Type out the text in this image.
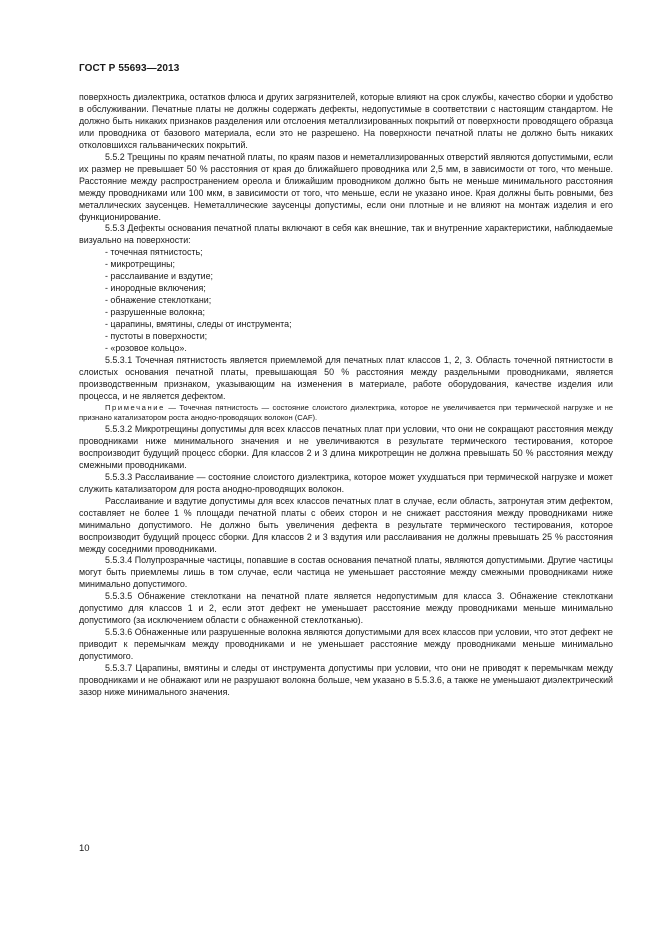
ГОСТ Р 55693—2013

поверхность диэлектрика, остатков флюса и других загрязнителей, которые влияют на срок службы, качество сборки и удобство в обслуживании. Печатные платы не должны содержать дефекты, недопустимые в соответствии с настоящим стандартом. Не должно быть никаких признаков разделения или отслоения металлизированных покрытий от поверхности проводящего образца или проводника от базового материала, если это не разрешено. На поверхности печатной платы не должно быть никаких отколовшихся гальванических покрытий.

5.5.2 Трещины по краям печатной платы, по краям пазов и неметаллизированных отверстий являются допустимыми, если их размер не превышает 50 % расстояния от края до ближайшего проводника или 2,5 мм, в зависимости от того, что меньше. Расстояние между распространением ореола и ближайшим проводником должно быть не меньше минимального расстояния между проводниками или 100 мкм, в зависимости от того, что меньше, если не указано иное. Края должны быть ровными, без металлических заусенцев. Неметаллические заусенцы допустимы, если они плотные и не влияют на монтаж изделия и его функционирование.

5.5.3 Дефекты основания печатной платы включают в себя как внешние, так и внутренние характеристики, наблюдаемые визуально на поверхности:

- точечная пятнистость;
- микротрещины;
- расслаивание и вздутие;
- инородные включения;
- обнажение стеклоткани;
- разрушенные волокна;
- царапины, вмятины, следы от инструмента;
- пустоты в поверхности;
- «розовое кольцо».

5.5.3.1 Точечная пятнистость является приемлемой для печатных плат классов 1, 2, 3. Область точечной пятнистости в слоистых основания печатной платы, превышающая 50 % расстояния между раздельными проводниками, является производственным признаком, указывающим на изменения в материале, работе оборудования, качестве изделия или процесса, и не является дефектом.

Примечание — Точечная пятнистость — состояние слоистого диэлектрика, которое не увеличивается при термической нагрузке и не признано катализатором роста анодно-проводящих волокон (CAF).

5.5.3.2 Микротрещины допустимы для всех классов печатных плат при условии, что они не сокращают расстояния между проводниками ниже минимального значения и не увеличиваются в результате термического тестирования, которое воспроизводит будущий процесс сборки. Для классов 2 и 3 длина микротрещин не должна превышать 50 % расстояния между смежными проводниками.

5.5.3.3 Расслаивание — состояние слоистого диэлектрика, которое может ухудшаться при термической нагрузке и может служить катализатором для роста анодно-проводящих волокон.

Расслаивание и вздутие допустимы для всех классов печатных плат в случае, если область, затронутая этим дефектом, составляет не более 1 % площади печатной платы с обеих сторон и не снижает расстояния между проводниками ниже минимально допустимого. Не должно быть увеличения дефекта в результате термического тестирования, которое воспроизводит будущий процесс сборки. Для классов 2 и 3 вздутия или расслаивания не должны превышать 25 % расстояния между соседними проводниками.

5.5.3.4 Полупрозрачные частицы, попавшие в состав основания печатной платы, являются допустимыми. Другие частицы могут быть приемлемы лишь в том случае, если частица не уменьшает расстояние между смежными проводниками ниже минимально допустимого.

5.5.3.5 Обнажение стеклоткани на печатной плате является недопустимым для класса 3. Обнажение стеклоткани допустимо для классов 1 и 2, если этот дефект не уменьшает расстояние между проводниками меньше минимально допустимого (за исключением области с обнаженной стеклотканью).

5.5.3.6 Обнаженные или разрушенные волокна являются допустимыми для всех классов при условии, что этот дефект не приводит к перемычкам между проводниками и не уменьшает расстояние между проводниками меньше минимально допустимого.

5.5.3.7 Царапины, вмятины и следы от инструмента допустимы при условии, что они не приводят к перемычкам между проводниками и не обнажают или не разрушают волокна больше, чем указано в 5.5.3.6, а также не уменьшают диэлектрический зазор ниже минимального значения.

10
